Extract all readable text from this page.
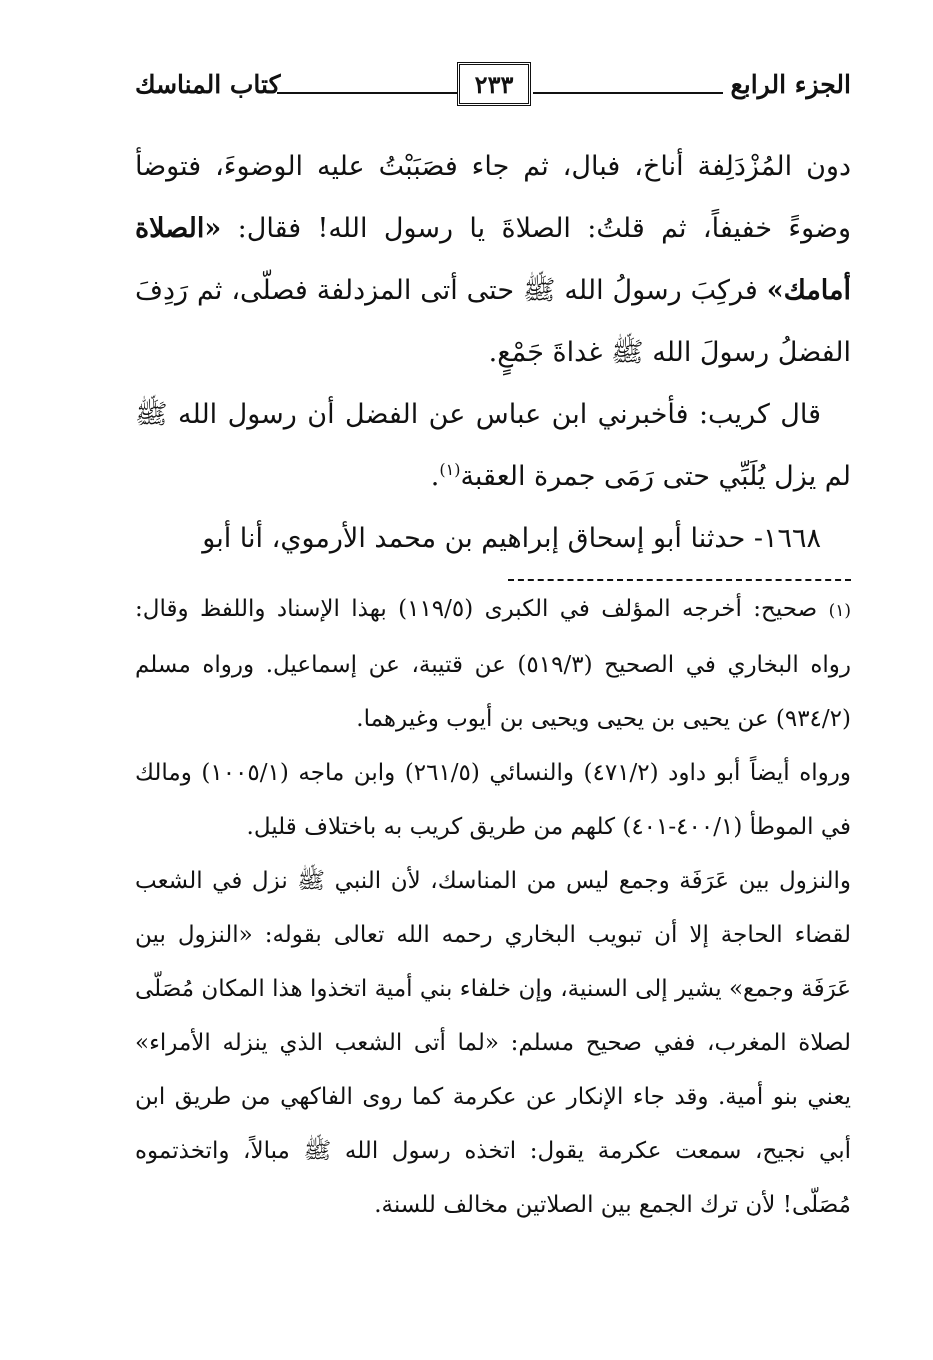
الجزء الرابع
٢٣٣
كتاب المناسك

دون المُزْدَلِفة أناخ، فبال، ثم جاء فصَبَبْتُ عليه الوضوءَ، فتوضأ وضوءً خفيفاً، ثم قلتُ: الصلاةَ يا رسول الله! فقال: «الصلاة أمامك» فركِبَ رسولُ الله ﷺ حتى أتى المزدلفة فصلّى، ثم رَدِفَ الفضلُ رسولَ الله ﷺ غداةَ جَمْعٍ.

قال كريب: فأخبرني ابن عباس عن الفضل أن رسول الله ﷺ لم يزل يُلَبِّي حتى رَمَى جمرة العقبة$^{(١)}$.

١٦٦٨- حدثنا أبو إسحاق إبراهيم بن محمد الأرموي، أنا أبو

(١) صحيح: أخرجه المؤلف في الكبرى (١١٩/٥) بهذا الإسناد واللفظ وقال: رواه البخاري في الصحيح (٥١٩/٣) عن قتيبة، عن إسماعيل. ورواه مسلم (٩٣٤/٢) عن يحيى بن يحيى ويحيى بن أيوب وغيرهما.

ورواه أيضاً أبو داود (٤٧١/٢) والنسائي (٢٦١/٥) وابن ماجه (١٠٠٥/١) ومالك في الموطأ (٤٠٠/١-٤٠١) كلهم من طريق كريب به باختلاف قليل.

والنزول بين عَرَفَة وجمع ليس من المناسك، لأن النبي ﷺ نزل في الشعب لقضاء الحاجة إلا أن تبويب البخاري رحمه الله تعالى بقوله: «النزول بين عَرَفَة وجمع» يشير إلى السنية، وإن خلفاء بني أمية اتخذوا هذا المكان مُصَلّى لصلاة المغرب، ففي صحيح مسلم: «لما أتى الشعب الذي ينزله الأمراء» يعني بنو أمية. وقد جاء الإنكار عن عكرمة كما روى الفاكهي من طريق ابن أبي نجيح، سمعت عكرمة يقول: اتخذه رسول الله ﷺ مبالاً، واتخذتموه مُصَلّى! لأن ترك الجمع بين الصلاتين مخالف للسنة.
